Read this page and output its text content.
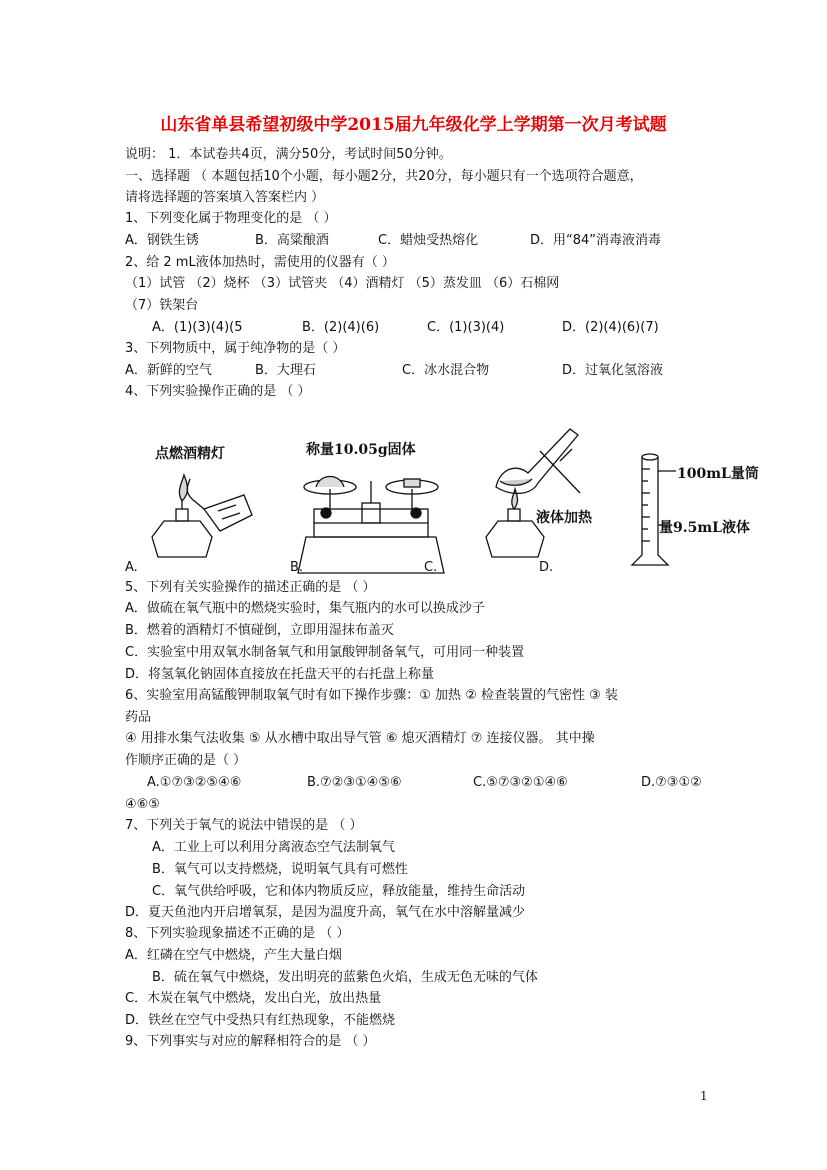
山东省单县希望初级中学2015届九年级化学上学期第一次月考试题
说明： 1．本试卷共4页，满分50分，考试时间50分钟。
一、选择题 （ 本题包括10个小题，每小题2分，共20分，每小题只有一个选项符合题意，
请将选择题的答案填入答案栏内 ）
1、下列变化属于物理变化的是 （ ）
A．钢铁生锈	B．高粱酿酒	C．蜡烛受热熔化	D．用“84”消毒液消毒
2、给 2 mL液体加热时，需使用的仪器有（ ）
（1）试管 （2）烧杯 （3）试管夹 （4）酒精灯 （5）蒸发皿 （6）石棉网
（7）铁架台
A．(1)(3)(4)(5	B．(2)(4)(6)	C．(1)(3)(4)	D．(2)(4)(6)(7)
3、下列物质中，属于纯净物的是（ ）
A．新鲜的空气	B．大理石	C．冰水混合物	D．过氧化氢溶液
4、下列实验操作正确的是 （ ）
点燃酒精灯	称量10.05g固体
液体加热
100mL量筒
量9.5mL液体
A.	B.	C.	D.
5、下列有关实验操作的描述正确的是 （ ）
A．做硫在氧气瓶中的燃烧实验时，集气瓶内的水可以换成沙子
B．燃着的酒精灯不慎碰倒，立即用湿抹布盖灭
C．实验室中用双氧水制备氧气和用氯酸钾制备氧气，可用同一种装置
D．将氢氧化钠固体直接放在托盘天平的右托盘上称量
6、实验室用高锰酸钾制取氧气时有如下操作步骤：① 加热 ② 检查装置的气密性 ③ 装
药品
④ 用排水集气法收集 ⑤ 从水槽中取出导气管 ⑥ 熄灭酒精灯 ⑦ 连接仪器。 其中操
作顺序正确的是（ ）
A.①⑦③②⑤④⑥	B.⑦②③①④⑤⑥	C.⑤⑦③②①④⑥	D.⑦③①②
④⑥⑤
7、下列关于氧气的说法中错误的是 （ ）
A．工业上可以利用分离液态空气法制氧气
B．氧气可以支持燃烧，说明氧气具有可燃性
C．氧气供给呼吸，它和体内物质反应，释放能量，维持生命活动
D．夏天鱼池内开启增氧泵，是因为温度升高，氧气在水中溶解量减少
8、下列实验现象描述不正确的是 （ ）
A．红磷在空气中燃烧，产生大量白烟
B．硫在氧气中燃烧，发出明亮的蓝紫色火焰，生成无色无味的气体
C．木炭在氧气中燃烧，发出白光，放出热量
D．铁丝在空气中受热只有红热现象，不能燃烧
9、下列事实与对应的解释相符合的是 （ ）
1
